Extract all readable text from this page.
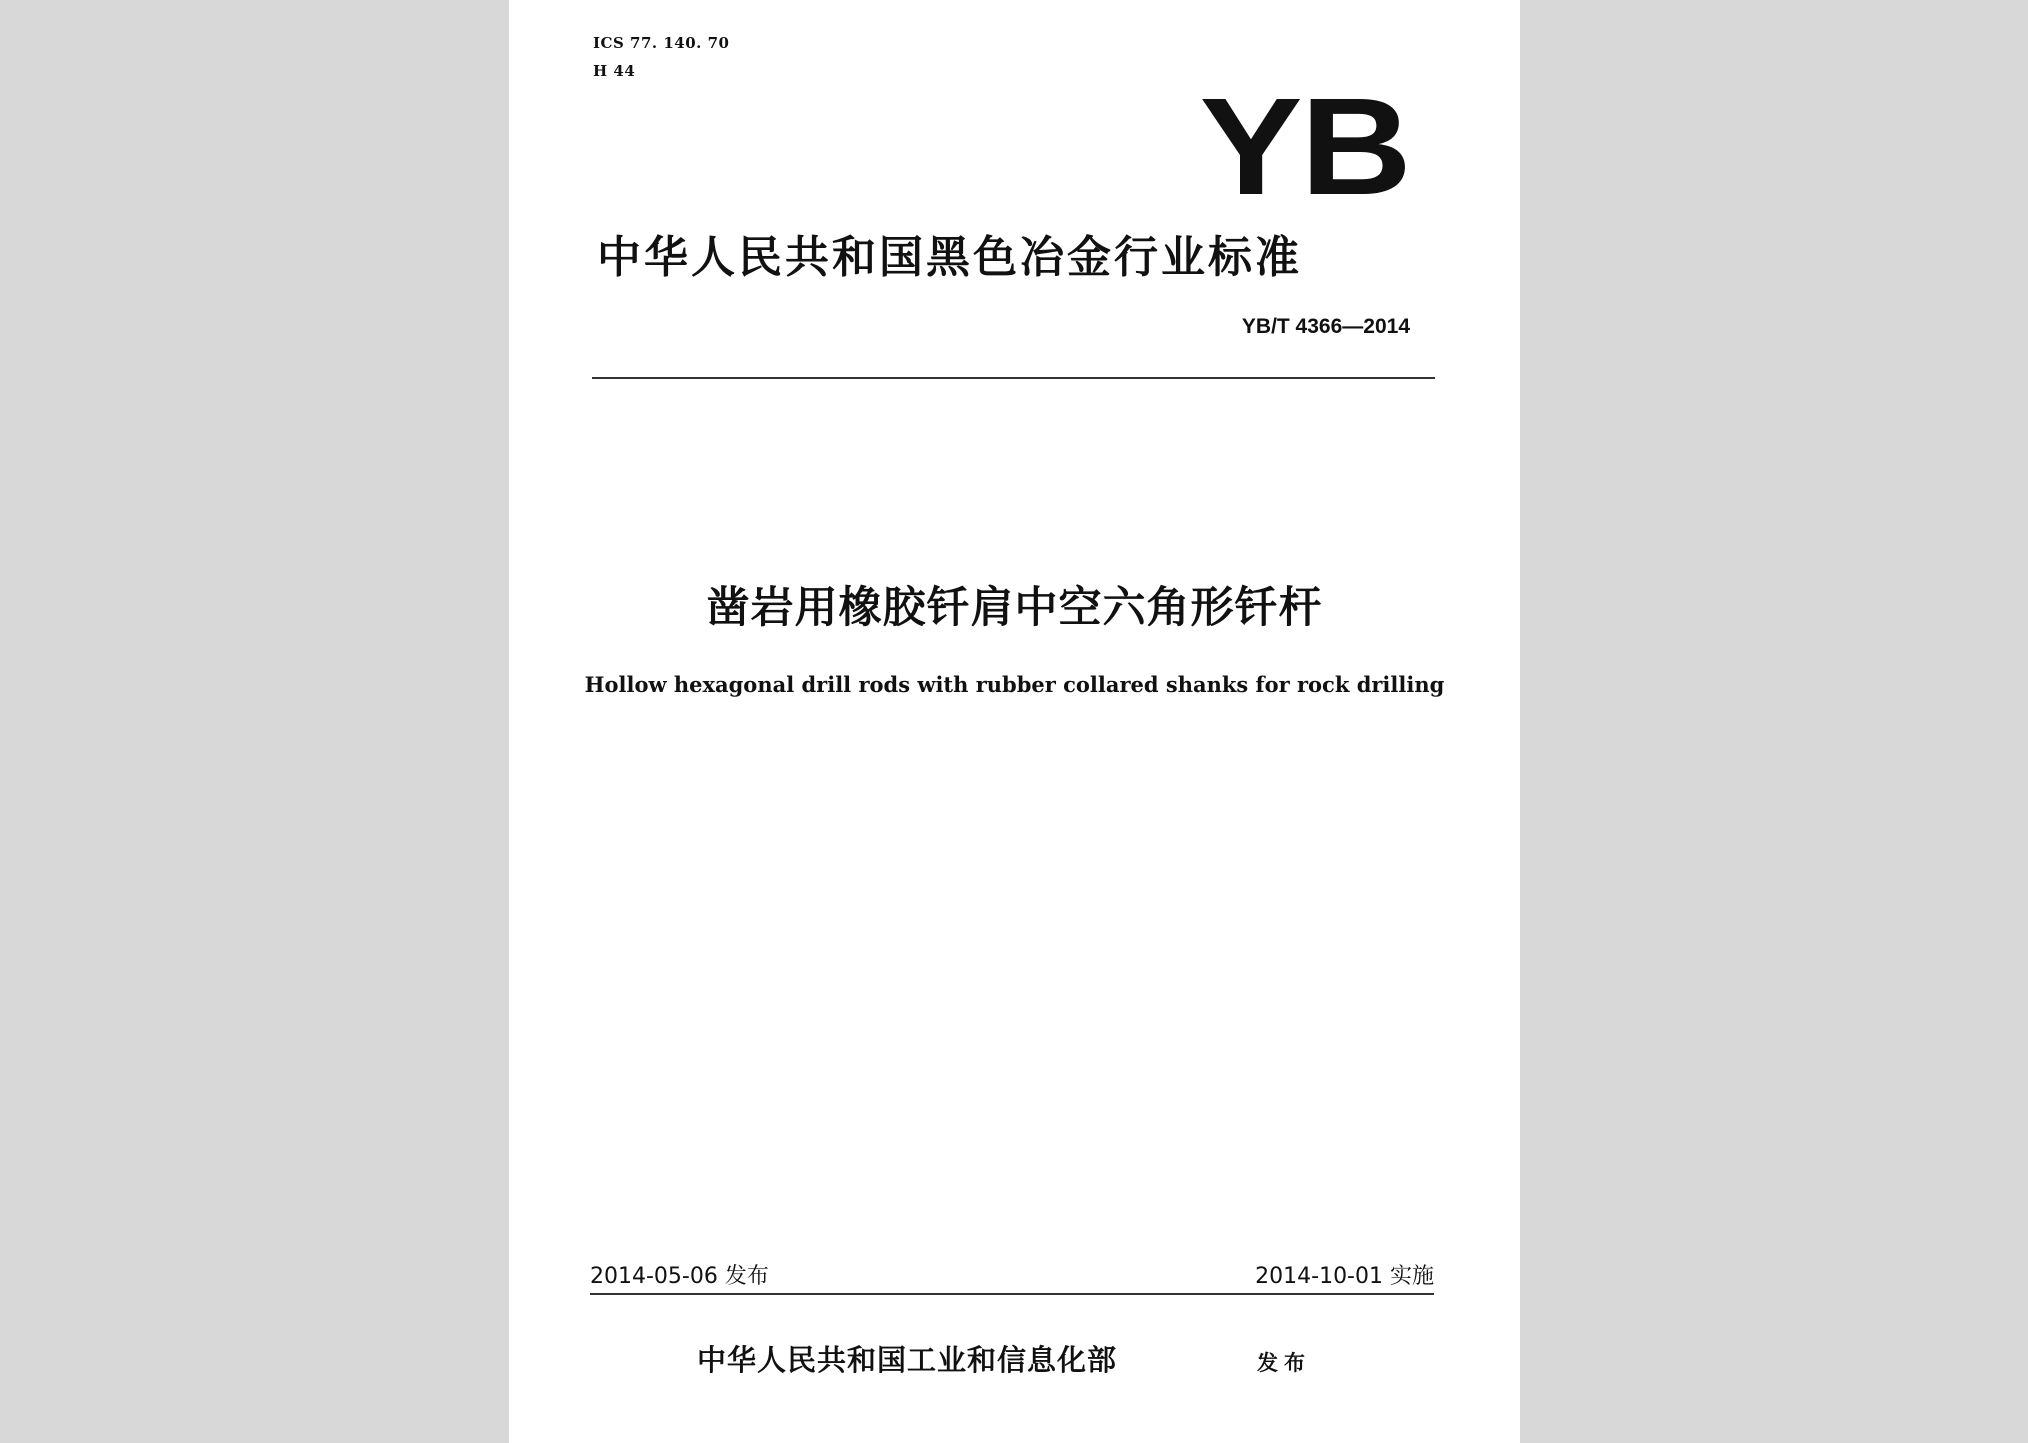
ICS 77. 140. 70
H 44	YB
中华人民共和国黑色冶金行业标准
YB/T 4366—2014
凿岩用橡胶钎肩中空六角形钎杆
Hollow hexagonal drill rods with rubber collared shanks for rock drilling
2014-05-06 发布	2014-10-01 实施
中华人民共和国工业和信息化部	发布
